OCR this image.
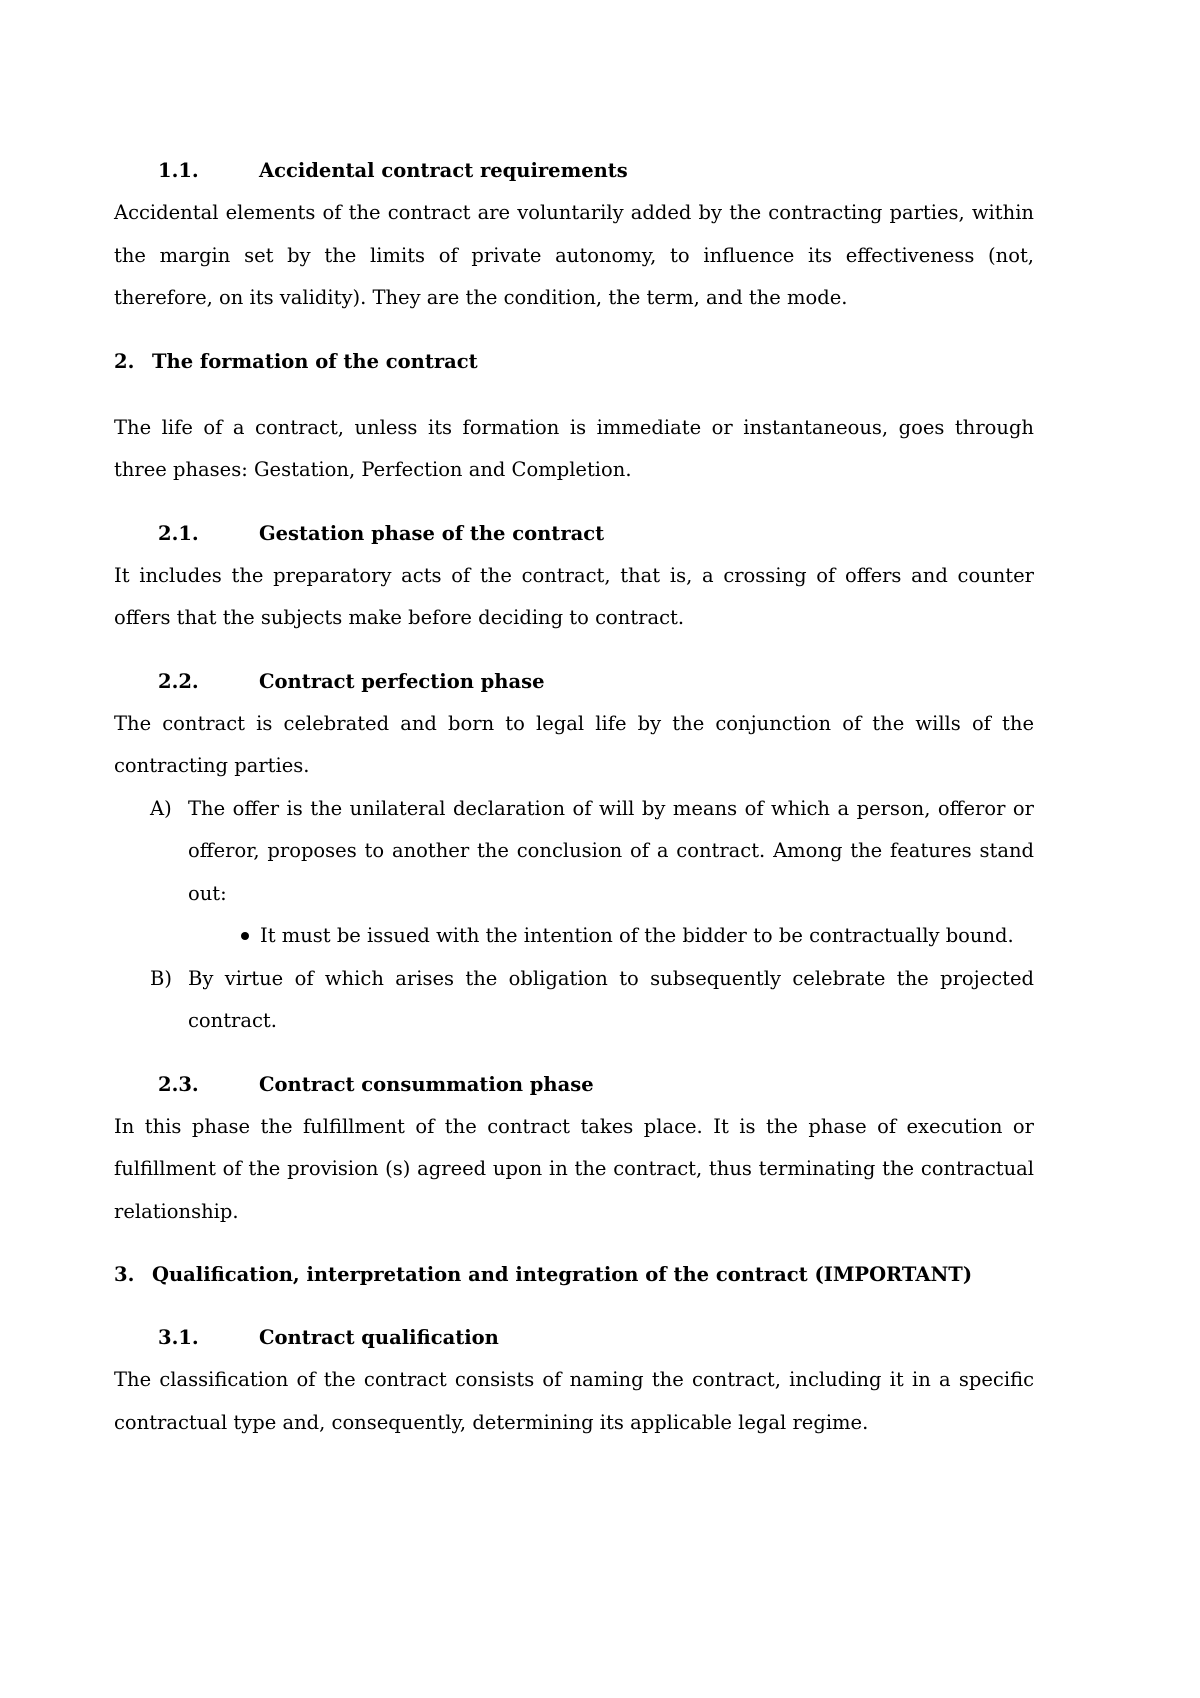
1.1.	Accidental contract requirements

Accidental elements of the contract are voluntarily added by the contracting parties, within the margin set by the limits of private autonomy, to influence its effectiveness (not, therefore, on its validity). They are the condition, the term, and the mode.

2. The formation of the contract

The life of a contract, unless its formation is immediate or instantaneous, goes through three phases: Gestation, Perfection and Completion.

2.1.	Gestation phase of the contract

It includes the preparatory acts of the contract, that is, a crossing of offers and counter offers that the subjects make before deciding to contract.

2.2.	Contract perfection phase

The contract is celebrated and born to legal life by the conjunction of the wills of the contracting parties.

A) The offer is the unilateral declaration of will by means of which a person, offeror or offeror, proposes to another the conclusion of a contract. Among the features stand out:
It must be issued with the intention of the bidder to be contractually bound.
B) By virtue of which arises the obligation to subsequently celebrate the projected contract.
2.3.	Contract consummation phase

In this phase the fulfillment of the contract takes place. It is the phase of execution or fulfillment of the provision (s) agreed upon in the contract, thus terminating the contractual relationship.

3. Qualification, interpretation and integration of the contract (IMPORTANT)
3.1.	Contract qualification

The classification of the contract consists of naming the contract, including it in a specific contractual type and, consequently, determining its applicable legal regime.
